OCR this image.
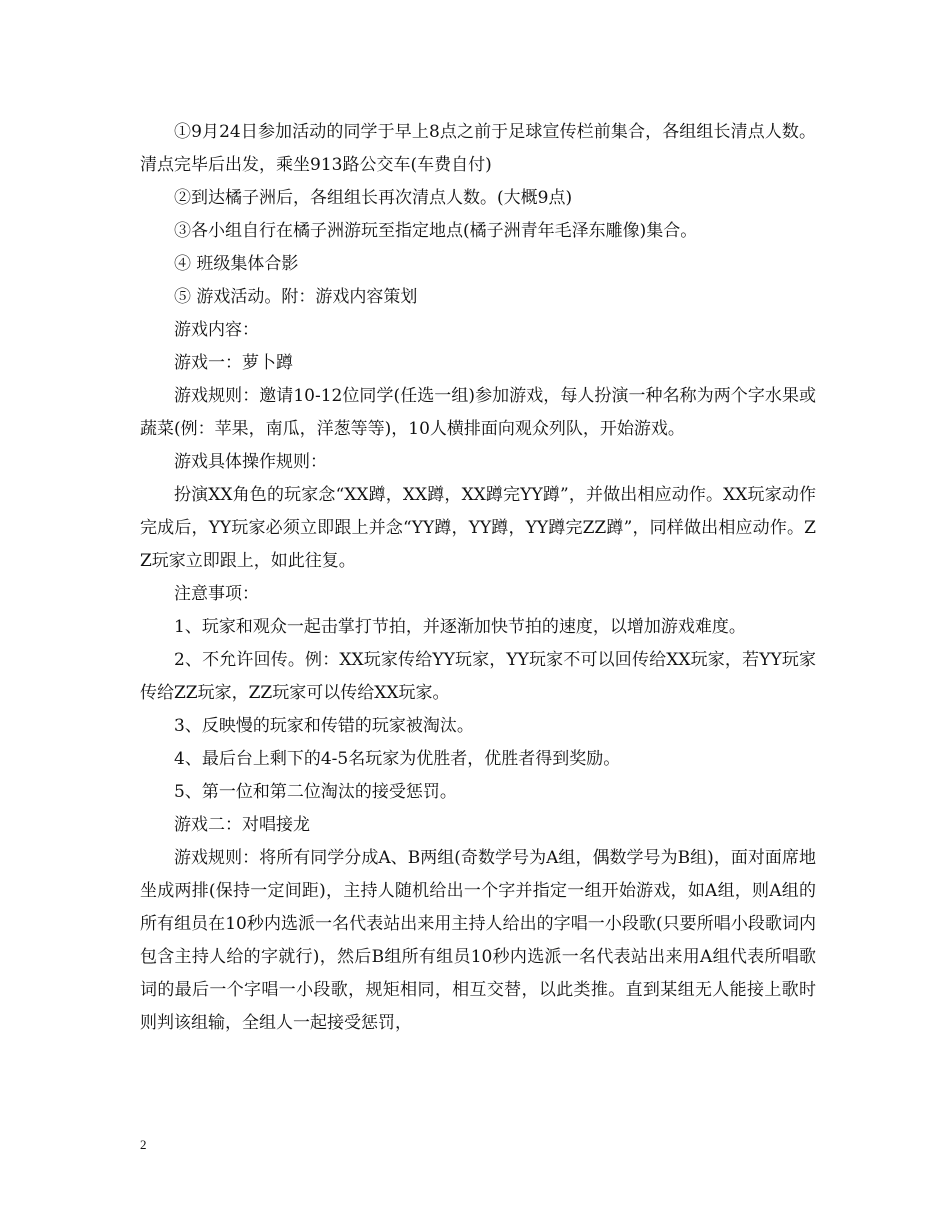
①9月24日参加活动的同学于早上8点之前于足球宣传栏前集合，各组组长清点人数。清点完毕后出发，乘坐913路公交车(车费自付)

②到达橘子洲后，各组组长再次清点人数。(大概9点)

③各小组自行在橘子洲游玩至指定地点(橘子洲青年毛泽东雕像)集合。

④ 班级集体合影

⑤ 游戏活动。附：游戏内容策划

游戏内容：

游戏一：萝卜蹲

游戏规则：邀请10-12位同学(任选一组)参加游戏，每人扮演一种名称为两个字水果或蔬菜(例：苹果，南瓜，洋葱等等)，10人横排面向观众列队，开始游戏。

游戏具体操作规则：

扮演XX角色的玩家念“XX蹲，XX蹲，XX蹲完YY蹲”，并做出相应动作。XX玩家动作完成后，YY玩家必须立即跟上并念“YY蹲，YY蹲，YY蹲完ZZ蹲”，同样做出相应动作。ZZ玩家立即跟上，如此往复。

注意事项：

1、玩家和观众一起击掌打节拍，并逐渐加快节拍的速度，以增加游戏难度。

2、不允许回传。例：XX玩家传给YY玩家，YY玩家不可以回传给XX玩家，若YY玩家传给ZZ玩家，ZZ玩家可以传给XX玩家。

3、反映慢的玩家和传错的玩家被淘汰。

4、最后台上剩下的4-5名玩家为优胜者，优胜者得到奖励。

5、第一位和第二位淘汰的接受惩罚。

游戏二：对唱接龙

游戏规则：将所有同学分成A、B两组(奇数学号为A组，偶数学号为B组)，面对面席地坐成两排(保持一定间距)，主持人随机给出一个字并指定一组开始游戏，如A组，则A组的所有组员在10秒内选派一名代表站出来用主持人给出的字唱一小段歌(只要所唱小段歌词内包含主持人给的字就行)，然后B组所有组员10秒内选派一名代表站出来用A组代表所唱歌词的最后一个字唱一小段歌，规矩相同，相互交替，以此类推。直到某组无人能接上歌时则判该组输，全组人一起接受惩罚，

2
